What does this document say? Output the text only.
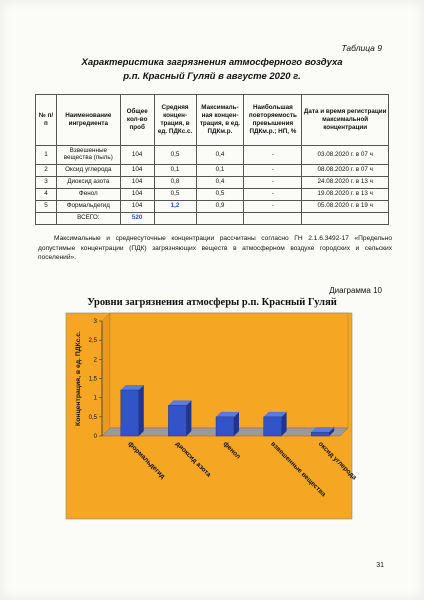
Таблица 9
Характеристика загрязнения атмосферного воздуха
р.п. Красный Гуляй в августе 2020 г.
№ п/п	Наименование ингредиента	Общее кол-во проб	Средняя концен-трация, в ед. ПДКс.с.	Максималь-ная концен-трация, в ед. ПДКм.р.	Наибольшая повторяемость превышения ПДКм.р.; НП, %	Дата и время регистрации максимальной концентрации
1	Взвешенные вещества (пыль)	104	0,5	0,4	-	03.08.2020 г. в 07 ч
2	Оксид углерода	104	0,1	0,1	-	08.08.2020 г. в 07 ч
3	Диоксид азота	104	0,8	0,4	-	24.08.2020 г. в 13 ч
4	Фенол	104	0,5	0,5	-	19.08.2020 г. в 13 ч
5	Формальдегид	104	1,2	0,9	-	05.08.2020 г. в 19 ч
	ВСЕГО:	520				
Максимальные и среднесуточные концентрации рассчитаны согласно ГН 2.1.6.3492-17 «Предельно допустимые концентрации (ПДК) загрязняющих веществ в атмосферном воздухе городских и сельских поселений».
Диаграмма 10
Уровни загрязнения атмосферы р.п. Красный Гуляй
0
0,5
1
1,5
2
2,5
3
Концентрация, в ед. ПДКс.с.
формальдегид диоксид азота фенол	взвешенные вещества
оксид углерода
31
